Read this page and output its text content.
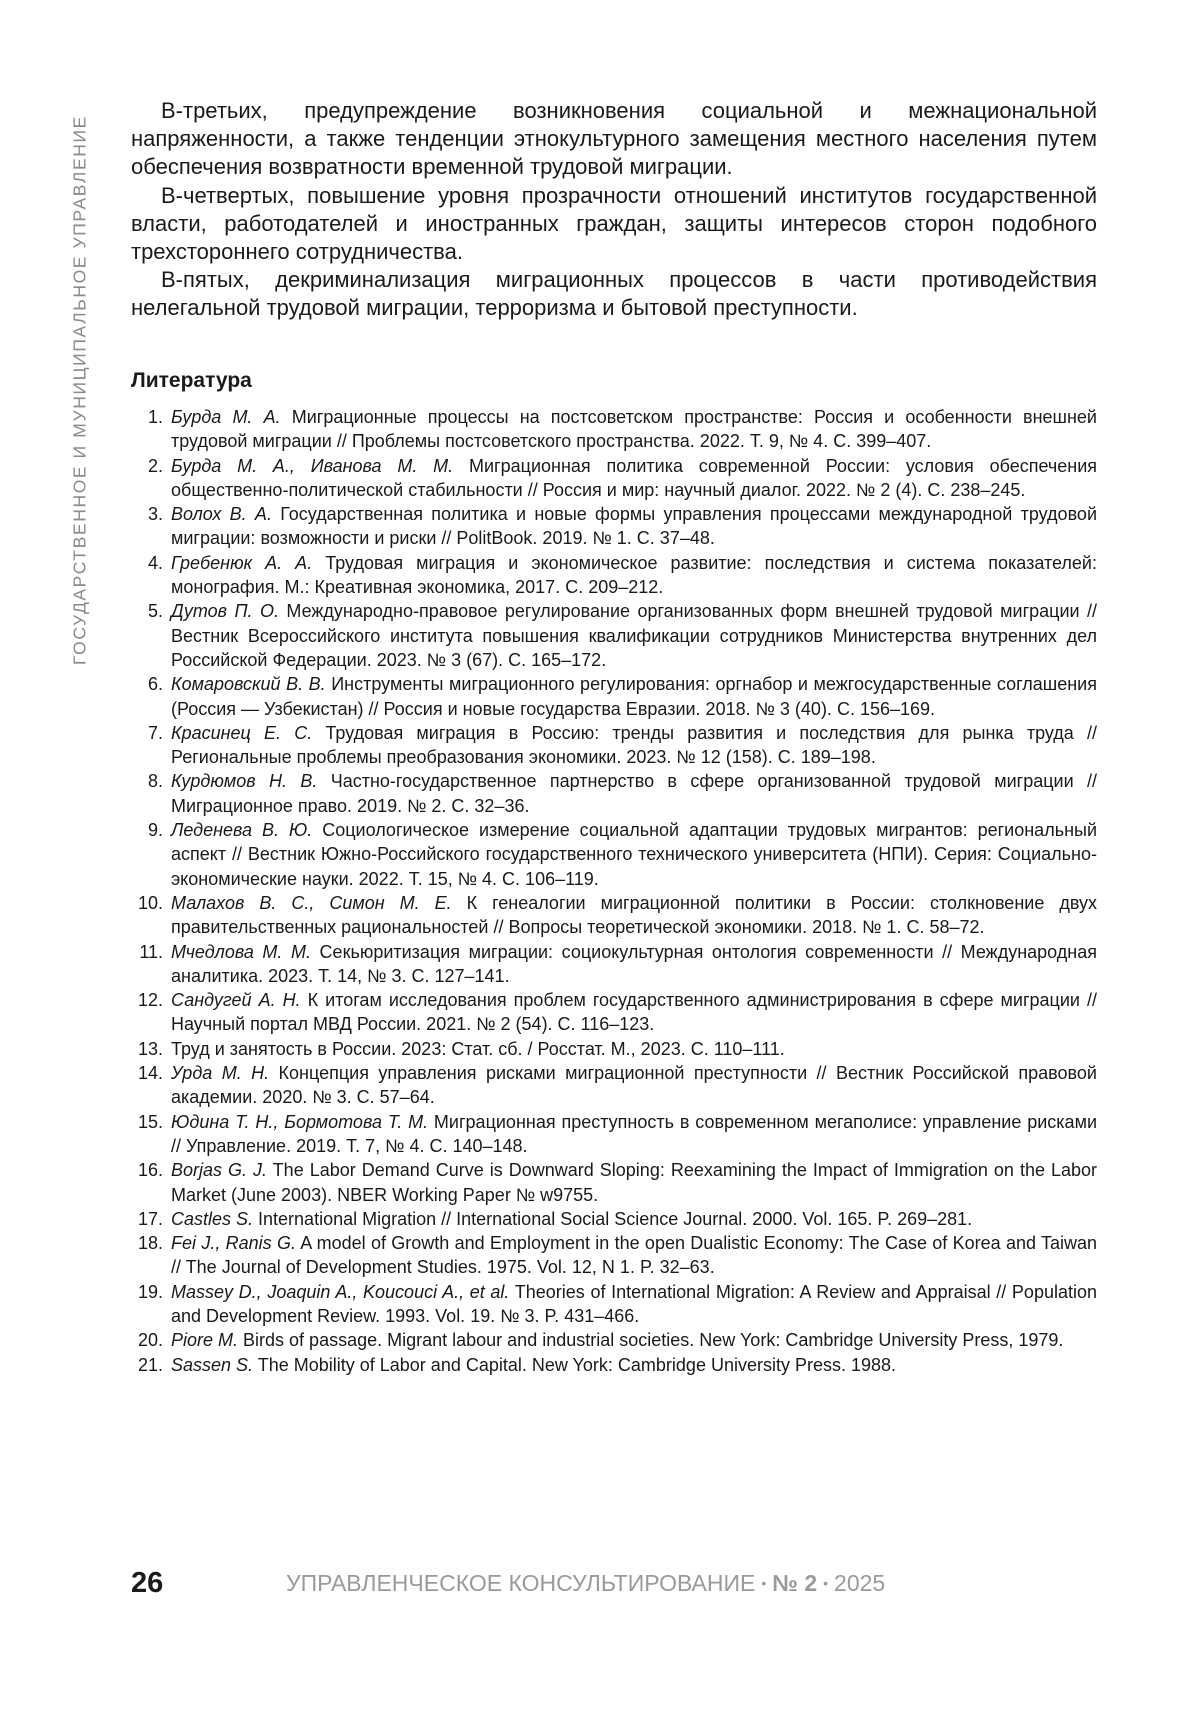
ГОСУДАРСТВЕННОЕ И МУНИЦИПАЛЬНОЕ УПРАВЛЕНИЕ

В-третьих, предупреждение возникновения социальной и межнациональной напряженности, а также тенденции этнокультурного замещения местного населения путем обеспечения возвратности временной трудовой миграции.

В-четвертых, повышение уровня прозрачности отношений институтов государственной власти, работодателей и иностранных граждан, защиты интересов сторон подобного трехстороннего сотрудничества.

В-пятых, декриминализация миграционных процессов в части противодействия нелегальной трудовой миграции, терроризма и бытовой преступности.

Литература
1. Бурда М. А. Миграционные процессы на постсоветском пространстве: Россия и особенности внешней трудовой миграции // Проблемы постсоветского пространства. 2022. Т. 9, № 4. С. 399–407.
2. Бурда М. А., Иванова М. М. Миграционная политика современной России: условия обеспечения общественно-политической стабильности // Россия и мир: научный диалог. 2022. № 2 (4). С. 238–245.
3. Волох В. А. Государственная политика и новые формы управления процессами международной трудовой миграции: возможности и риски // PolitBook. 2019. № 1. С. 37–48.
4. Гребенюк А. А. Трудовая миграция и экономическое развитие: последствия и система показателей: монография. М.: Креативная экономика, 2017. С. 209–212.
5. Дутов П. О. Международно-правовое регулирование организованных форм внешней трудовой миграции // Вестник Всероссийского института повышения квалификации сотрудников Министерства внутренних дел Российской Федерации. 2023. № 3 (67). С. 165–172.
6. Комаровский В. В. Инструменты миграционного регулирования: оргнабор и межгосударственные соглашения (Россия — Узбекистан) // Россия и новые государства Евразии. 2018. № 3 (40). С. 156–169.
7. Красинец Е. С. Трудовая миграция в Россию: тренды развития и последствия для рынка труда // Региональные проблемы преобразования экономики. 2023. № 12 (158). С. 189–198.
8. Курдюмов Н. В. Частно-государственное партнерство в сфере организованной трудовой миграции // Миграционное право. 2019. № 2. С. 32–36.
9. Леденева В. Ю. Социологическое измерение социальной адаптации трудовых мигрантов: региональный аспект // Вестник Южно-Российского государственного технического университета (НПИ). Серия: Социально-экономические науки. 2022. Т. 15, № 4. С. 106–119.
10. Малахов В. С., Симон М. Е. К генеалогии миграционной политики в России: столкновение двух правительственных рациональностей // Вопросы теоретической экономики. 2018. № 1. С. 58–72.
11. Мчедлова М. М. Секьюритизация миграции: социокультурная онтология современности // Международная аналитика. 2023. Т. 14, № 3. С. 127–141.
12. Сандугей А. Н. К итогам исследования проблем государственного администрирования в сфере миграции // Научный портал МВД России. 2021. № 2 (54). С. 116–123.
13. Труд и занятость в России. 2023: Стат. сб. / Росстат. М., 2023. С. 110–111.
14. Урда М. Н. Концепция управления рисками миграционной преступности // Вестник Российской правовой академии. 2020. № 3. С. 57–64.
15. Юдина Т. Н., Бормотова Т. М. Миграционная преступность в современном мегаполисе: управление рисками // Управление. 2019. Т. 7, № 4. С. 140–148.
16. Borjas G. J. The Labor Demand Curve is Downward Sloping: Reexamining the Impact of Immigration on the Labor Market (June 2003). NBER Working Paper № w9755.
17. Castles S. International Migration // International Social Science Journal. 2000. Vol. 165. P. 269–281.
18. Fei J., Ranis G. A model of Growth and Employment in the open Dualistic Economy: The Case of Korea and Taiwan // The Journal of Development Studies. 1975. Vol. 12, N 1. P. 32–63.
19. Massey D., Joaquin A., Koucouci A., et al. Theories of International Migration: A Review and Appraisal // Population and Development Review. 1993. Vol. 19. № 3. P. 431–466.
20. Piore M. Birds of passage. Migrant labour and industrial societies. New York: Cambridge University Press, 1979.
21. Sassen S. The Mobility of Labor and Capital. New York: Cambridge University Press. 1988.
26	УПРАВЛЕНЧЕСКОЕ КОНСУЛЬТИРОВАНИЕ • № 2 • 2025
